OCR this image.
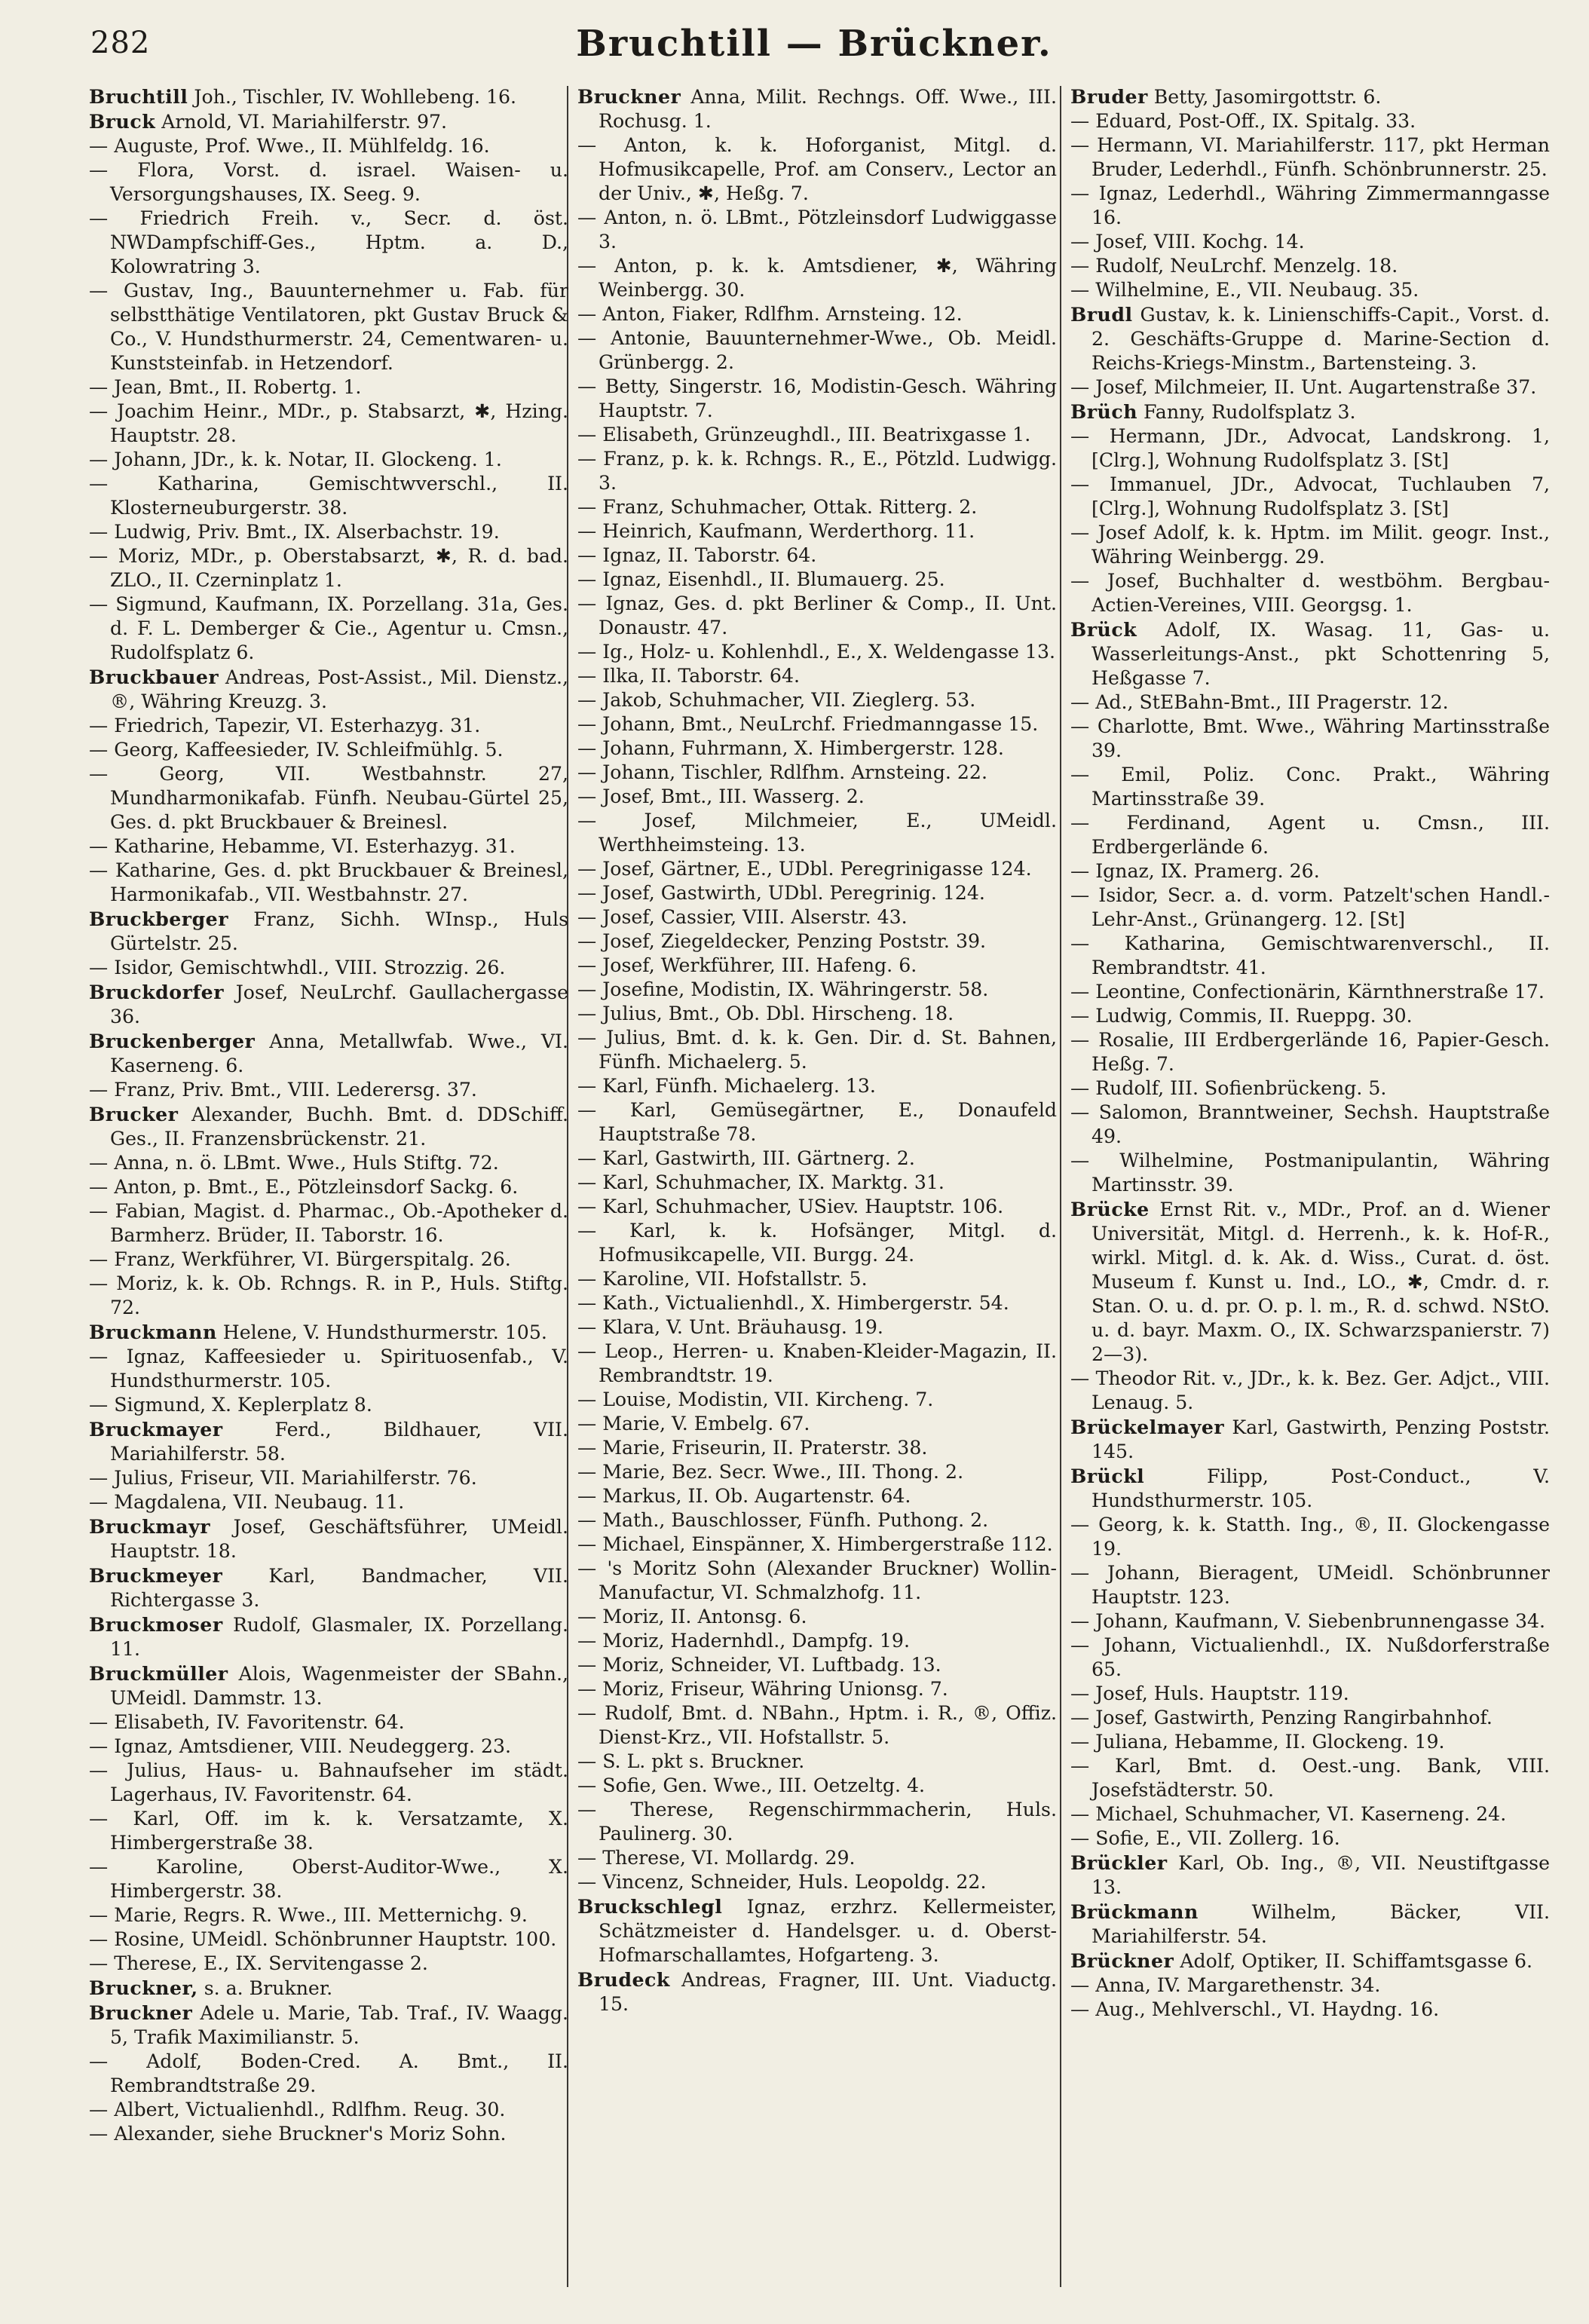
282	Bruchtill — Brückner.
Bruchtill Joh., Tischler, IV. Wohllebeng. 16.
Bruck Arnold, VI. Mariahilferstr. 97.
— Auguste, Prof. Wwe., II. Mühlfeldg. 16.
— Flora, Vorst. d. israel. Waisen- u. Versorgungshauses, IX. Seeg. 9.
— Friedrich Freih. v., Secr. d. öst. NWDampfschiff-Ges., Hptm. a. D., Kolowratring 3.
— Gustav, Ing., Bauunternehmer u. Fab. für selbstthätige Ventilatoren, pkt Gustav Bruck & Co., V. Hundsthurmerstr. 24, Cementwaren- u. Kunststeinfab. in Hetzendorf.
— Jean, Bmt., II. Robertg. 1.
— Joachim Heinr., MDr., p. Stabsarzt, ✱, Hzing. Hauptstr. 28.
— Johann, JDr., k. k. Notar, II. Glockeng. 1.
— Katharina, Gemischtwverschl., II. Klosterneuburgerstr. 38.
— Ludwig, Priv. Bmt., IX. Alserbachstr. 19.
— Moriz, MDr., p. Oberstabsarzt, ✱, R. d. bad. ZLO., II. Czerninplatz 1.
— Sigmund, Kaufmann, IX. Porzellang. 31a, Ges. d. F. L. Demberger & Cie., Agentur u. Cmsn., Rudolfsplatz 6.
Bruckbauer Andreas, Post-Assist., Mil. Dienstz., ®, Währing Kreuzg. 3.
— Friedrich, Tapezir, VI. Esterhazyg. 31.
— Georg, Kaffeesieder, IV. Schleifmühlg. 5.
— Georg, VII. Westbahnstr. 27, Mundharmonikafab. Fünfh. Neubau-Gürtel 25, Ges. d. pkt Bruckbauer & Breinesl.
— Katharine, Hebamme, VI. Esterhazyg. 31.
— Katharine, Ges. d. pkt Bruckbauer & Breinesl, Harmonikafab., VII. Westbahnstr. 27.
Bruckberger Franz, Sichh. WInsp., Huls Gürtelstr. 25.
— Isidor, Gemischtwhdl., VIII. Strozzig. 26.
Bruckdorfer Josef, NeuLrchf. Gaullachergasse 36.
Bruckenberger Anna, Metallwfab. Wwe., VI. Kaserneng. 6.
— Franz, Priv. Bmt., VIII. Lederersg. 37.
Brucker Alexander, Buchh. Bmt. d. DDSchiff. Ges., II. Franzensbrückenstr. 21.
— Anna, n. ö. LBmt. Wwe., Huls Stiftg. 72.
— Anton, p. Bmt., E., Pötzleinsdorf Sackg. 6.
— Fabian, Magist. d. Pharmac., Ob.-Apotheker d. Barmherz. Brüder, II. Taborstr. 16.
— Franz, Werkführer, VI. Bürgerspitalg. 26.
— Moriz, k. k. Ob. Rchngs. R. in P., Huls. Stiftg. 72.
Bruckmann Helene, V. Hundsthurmerstr. 105.
— Ignaz, Kaffeesieder u. Spirituosenfab., V. Hundsthurmerstr. 105.
— Sigmund, X. Keplerplatz 8.
Bruckmayer Ferd., Bildhauer, VII. Mariahilferstr. 58.
— Julius, Friseur, VII. Mariahilferstr. 76.
— Magdalena, VII. Neubaug. 11.
Bruckmayr Josef, Geschäftsführer, UMeidl. Hauptstr. 18.
Bruckmeyer Karl, Bandmacher, VII. Richtergasse 3.
Bruckmoser Rudolf, Glasmaler, IX. Porzellang. 11.
Bruckmüller Alois, Wagenmeister der SBahn., UMeidl. Dammstr. 13.
— Elisabeth, IV. Favoritenstr. 64.
— Ignaz, Amtsdiener, VIII. Neudeggerg. 23.
— Julius, Haus- u. Bahnaufseher im städt. Lagerhaus, IV. Favoritenstr. 64.
— Karl, Off. im k. k. Versatzamte, X. Himbergerstraße 38.
— Karoline, Oberst-Auditor-Wwe., X. Himbergerstr. 38.
— Marie, Regrs. R. Wwe., III. Metternichg. 9.
— Rosine, UMeidl. Schönbrunner Hauptstr. 100.
— Therese, E., IX. Servitengasse 2.
Bruckner, s. a. Brukner.
Bruckner Adele u. Marie, Tab. Traf., IV. Waagg. 5, Trafik Maximilianstr. 5.
— Adolf, Boden-Cred. A. Bmt., II. Rembrandtstraße 29.
— Albert, Victualienhdl., Rdlfhm. Reug. 30.
— Alexander, siehe Bruckner's Moriz Sohn.
Bruckner Anna, Milit. Rechngs. Off. Wwe., III. Rochusg. 1.
— Anton, k. k. Hoforganist, Mitgl. d. Hofmusikcapelle, Prof. am Conserv., Lector an der Univ., ✱, Heßg. 7.
— Anton, n. ö. LBmt., Pötzleinsdorf Ludwiggasse 3.
— Anton, p. k. k. Amtsdiener, ✱, Währing Weinbergg. 30.
— Anton, Fiaker, Rdlfhm. Arnsteing. 12.
— Antonie, Bauunternehmer-Wwe., Ob. Meidl. Grünbergg. 2.
— Betty, Singerstr. 16, Modistin-Gesch. Währing Hauptstr. 7.
— Elisabeth, Grünzeughdl., III. Beatrixgasse 1.
— Franz, p. k. k. Rchngs. R., E., Pötzld. Ludwigg. 3.
— Franz, Schuhmacher, Ottak. Ritterg. 2.
— Heinrich, Kaufmann, Werderthorg. 11.
— Ignaz, II. Taborstr. 64.
— Ignaz, Eisenhdl., II. Blumauerg. 25.
— Ignaz, Ges. d. pkt Berliner & Comp., II. Unt. Donaustr. 47.
— Ig., Holz- u. Kohlenhdl., E., X. Weldengasse 13.
— Ilka, II. Taborstr. 64.
— Jakob, Schuhmacher, VII. Zieglerg. 53.
— Johann, Bmt., NeuLrchf. Friedmanngasse 15.
— Johann, Fuhrmann, X. Himbergerstr. 128.
— Johann, Tischler, Rdlfhm. Arnsteing. 22.
— Josef, Bmt., III. Wasserg. 2.
— Josef, Milchmeier, E., UMeidl. Werthheimsteing. 13.
— Josef, Gärtner, E., UDbl. Peregrinigasse 124.
— Josef, Gastwirth, UDbl. Peregrinig. 124.
— Josef, Cassier, VIII. Alserstr. 43.
— Josef, Ziegeldecker, Penzing Poststr. 39.
— Josef, Werkführer, III. Hafeng. 6.
— Josefine, Modistin, IX. Währingerstr. 58.
— Julius, Bmt., Ob. Dbl. Hirscheng. 18.
— Julius, Bmt. d. k. k. Gen. Dir. d. St. Bahnen, Fünfh. Michaelerg. 5.
— Karl, Fünfh. Michaelerg. 13.
— Karl, Gemüsegärtner, E., Donaufeld Hauptstraße 78.
— Karl, Gastwirth, III. Gärtnerg. 2.
— Karl, Schuhmacher, IX. Marktg. 31.
— Karl, Schuhmacher, USiev. Hauptstr. 106.
— Karl, k. k. Hofsänger, Mitgl. d. Hofmusikcapelle, VII. Burgg. 24.
— Karoline, VII. Hofstallstr. 5.
— Kath., Victualienhdl., X. Himbergerstr. 54.
— Klara, V. Unt. Bräuhausg. 19.
— Leop., Herren- u. Knaben-Kleider-Magazin, II. Rembrandtstr. 19.
— Louise, Modistin, VII. Kircheng. 7.
— Marie, V. Embelg. 67.
— Marie, Friseurin, II. Praterstr. 38.
— Marie, Bez. Secr. Wwe., III. Thong. 2.
— Markus, II. Ob. Augartenstr. 64.
— Math., Bauschlosser, Fünfh. Puthong. 2.
— Michael, Einspänner, X. Himbergerstraße 112.
— 's Moritz Sohn (Alexander Bruckner) Wollin-Manufactur, VI. Schmalzhofg. 11.
— Moriz, II. Antonsg. 6.
— Moriz, Hadernhdl., Dampfg. 19.
— Moriz, Schneider, VI. Luftbadg. 13.
— Moriz, Friseur, Währing Unionsg. 7.
— Rudolf, Bmt. d. NBahn., Hptm. i. R., ®, Offiz. Dienst-Krz., VII. Hofstallstr. 5.
— S. L. pkt s. Bruckner.
— Sofie, Gen. Wwe., III. Oetzeltg. 4.
— Therese, Regenschirmmacherin, Huls. Paulinerg. 30.
— Therese, VI. Mollardg. 29.
— Vincenz, Schneider, Huls. Leopoldg. 22.
Bruckschlegl Ignaz, erzhrz. Kellermeister, Schätzmeister d. Handelsger. u. d. Oberst-Hofmarschallamtes, Hofgarteng. 3.
Brudeck Andreas, Fragner, III. Unt. Viaductg. 15.
Bruder Betty, Jasomirgottstr. 6.
— Eduard, Post-Off., IX. Spitalg. 33.
— Hermann, VI. Mariahilferstr. 117, pkt Herman Bruder, Lederhdl., Fünfh. Schönbrunnerstr. 25.
— Ignaz, Lederhdl., Währing Zimmermanngasse 16.
— Josef, VIII. Kochg. 14.
— Rudolf, NeuLrchf. Menzelg. 18.
— Wilhelmine, E., VII. Neubaug. 35.
Brudl Gustav, k. k. Linienschiffs-Capit., Vorst. d. 2. Geschäfts-Gruppe d. Marine-Section d. Reichs-Kriegs-Minstm., Bartensteing. 3.
— Josef, Milchmeier, II. Unt. Augartenstraße 37.
Brüch Fanny, Rudolfsplatz 3.
— Hermann, JDr., Advocat, Landskrong. 1, [Clrg.], Wohnung Rudolfsplatz 3. [St]
— Immanuel, JDr., Advocat, Tuchlauben 7, [Clrg.], Wohnung Rudolfsplatz 3. [St]
— Josef Adolf, k. k. Hptm. im Milit. geogr. Inst., Währing Weinbergg. 29.
— Josef, Buchhalter d. westböhm. Bergbau-Actien-Vereines, VIII. Georgsg. 1.
Brück Adolf, IX. Wasag. 11, Gas- u. Wasserleitungs-Anst., pkt Schottenring 5, Heßgasse 7.
— Ad., StEBahn-Bmt., III Pragerstr. 12.
— Charlotte, Bmt. Wwe., Währing Martinsstraße 39.
— Emil, Poliz. Conc. Prakt., Währing Martinsstraße 39.
— Ferdinand, Agent u. Cmsn., III. Erdbergerlände 6.
— Ignaz, IX. Pramerg. 26.
— Isidor, Secr. a. d. vorm. Patzelt'schen Handl.-Lehr-Anst., Grünangerg. 12. [St]
— Katharina, Gemischtwarenverschl., II. Rembrandtstr. 41.
— Leontine, Confectionärin, Kärnthnerstraße 17.
— Ludwig, Commis, II. Rueppg. 30.
— Rosalie, III Erdbergerlände 16, Papier-Gesch. Heßg. 7.
— Rudolf, III. Sofienbrückeng. 5.
— Salomon, Branntweiner, Sechsh. Hauptstraße 49.
— Wilhelmine, Postmanipulantin, Währing Martinsstr. 39.
Brücke Ernst Rit. v., MDr., Prof. an d. Wiener Universität, Mitgl. d. Herrenh., k. k. Hof-R., wirkl. Mitgl. d. k. Ak. d. Wiss., Curat. d. öst. Museum f. Kunst u. Ind., LO., ✱, Cmdr. d. r. Stan. O. u. d. pr. O. p. l. m., R. d. schwd. NStO. u. d. bayr. Maxm. O., IX. Schwarzspanierstr. 7) 2—3).
— Theodor Rit. v., JDr., k. k. Bez. Ger. Adjct., VIII. Lenaug. 5.
Brückelmayer Karl, Gastwirth, Penzing Poststr. 145.
Brückl Filipp, Post-Conduct., V. Hundsthurmerstr. 105.
— Georg, k. k. Statth. Ing., ®, II. Glockengasse 19.
— Johann, Bieragent, UMeidl. Schönbrunner Hauptstr. 123.
— Johann, Kaufmann, V. Siebenbrunnengasse 34.
— Johann, Victualienhdl., IX. Nußdorferstraße 65.
— Josef, Huls. Hauptstr. 119.
— Josef, Gastwirth, Penzing Rangirbahnhof.
— Juliana, Hebamme, II. Glockeng. 19.
— Karl, Bmt. d. Oest.-ung. Bank, VIII. Josefstädterstr. 50.
— Michael, Schuhmacher, VI. Kaserneng. 24.
— Sofie, E., VII. Zollerg. 16.
Brückler Karl, Ob. Ing., ®, VII. Neustiftgasse 13.
Brückmann Wilhelm, Bäcker, VII. Mariahilferstr. 54.
Brückner Adolf, Optiker, II. Schiffamtsgasse 6.
— Anna, IV. Margarethenstr. 34.
— Aug., Mehlverschl., VI. Haydng. 16.
